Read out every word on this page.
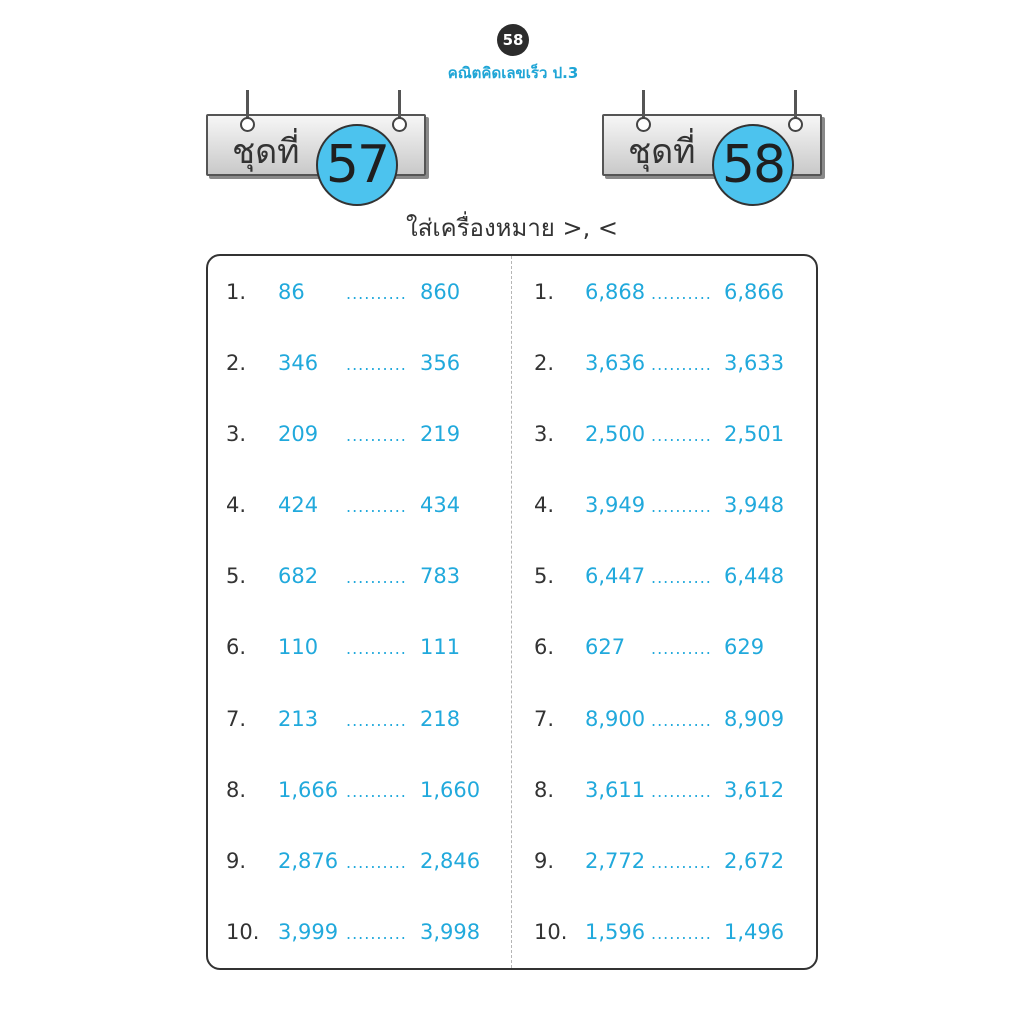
58
คณิตคิดเลขเร็ว ป.3
ชุดที่ 57	ชุดที่ 58
ใส่เครื่องหมาย >, <
1. 86	.......... 860
2. 346 .......... 356
3. 209 .......... 219
4. 424 .......... 434
5. 682 .......... 783
6. 110 .......... 111
7. 213 .......... 218
8. 1,666 .......... 1,660
9. 2,876 .......... 2,846
10. 3,999 .......... 3,998
1. 6,868 .......... 6,866
2. 3,636 .......... 3,633
3. 2,500 .......... 2,501
4. 3,949 .......... 3,948
5. 6,447 .......... 6,448
6. 627 .......... 629
7. 8,900 .......... 8,909
8. 3,611 .......... 3,612
9. 2,772 .......... 2,672
10. 1,596 .......... 1,496
